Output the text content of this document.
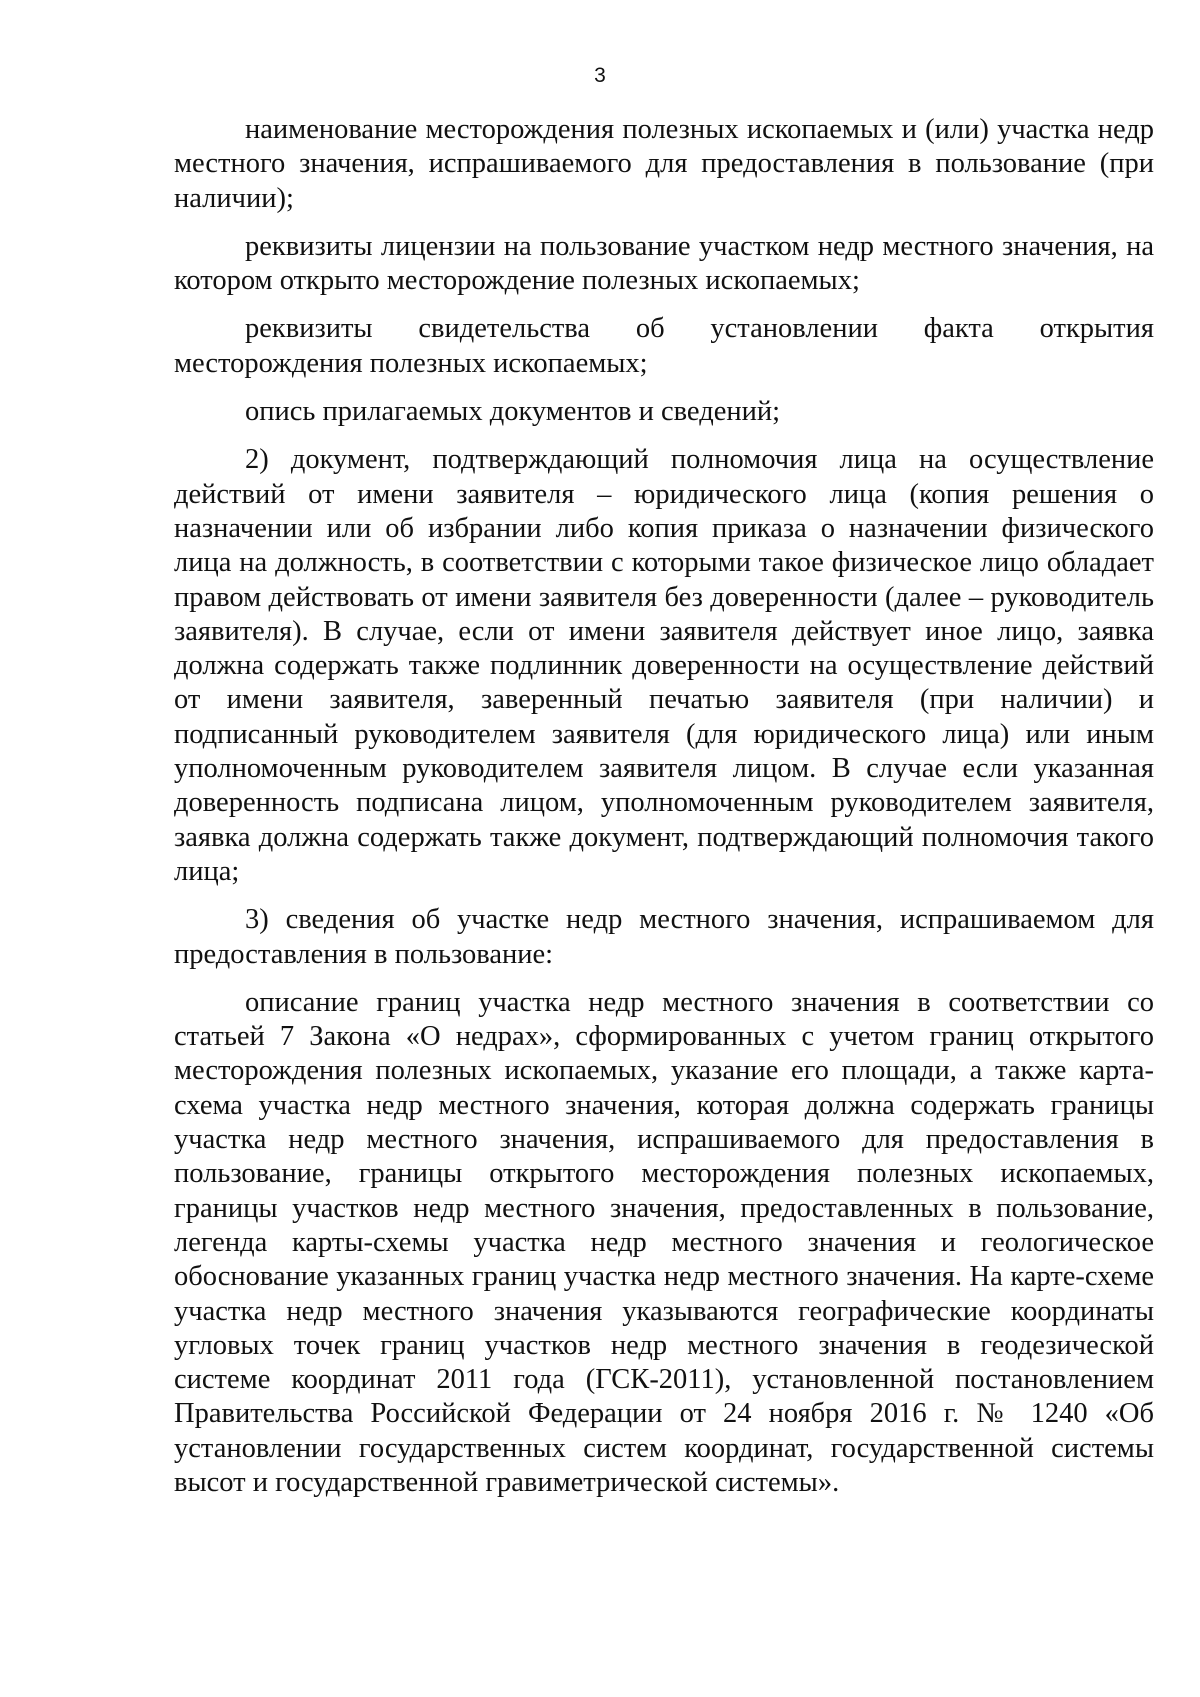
3

наименование месторождения полезных ископаемых и (или) участка недр местного значения, испрашиваемого для предоставления в пользование (при наличии);

реквизиты лицензии на пользование участком недр местного значения, на котором открыто месторождение полезных ископаемых;

реквизиты свидетельства об установлении факта открытия месторождения полезных ископаемых;

опись прилагаемых документов и сведений;

2) документ, подтверждающий полномочия лица на осуществление действий от имени заявителя – юридического лица (копия решения о назначении или об избрании либо копия приказа о назначении физического лица на должность, в соответствии с которыми такое физическое лицо обладает правом действовать от имени заявителя без доверенности (далее – руководитель заявителя). В случае, если от имени заявителя действует иное лицо, заявка должна содержать также подлинник доверенности на осуществление действий от имени заявителя, заверенный печатью заявителя (при наличии) и подписанный руководителем заявителя (для юридического лица) или иным уполномоченным руководителем заявителя лицом. В случае если указанная доверенность подписана лицом, уполномоченным руководителем заявителя, заявка должна содержать также документ, подтверждающий полномочия такого лица;

3) сведения об участке недр местного значения, испрашиваемом для предоставления в пользование:

описание границ участка недр местного значения в соответствии со статьей 7 Закона «О недрах», сформированных с учетом границ открытого месторождения полезных ископаемых, указание его площади, а также карта-схема участка недр местного значения, которая должна содержать границы участка недр местного значения, испрашиваемого для предоставления в пользование, границы открытого месторождения полезных ископаемых, границы участков недр местного значения, предоставленных в пользование, легенда карты-схемы участка недр местного значения и геологическое обоснование указанных границ участка недр местного значения. На карте-схеме участка недр местного значения указываются географические координаты угловых точек границ участков недр местного значения в геодезической системе координат 2011 года (ГСК-2011), установленной постановлением Правительства Российской Федерации от 24 ноября 2016 г. № 1240 «Об установлении государственных систем координат, государственной системы высот и государственной гравиметрической системы».
